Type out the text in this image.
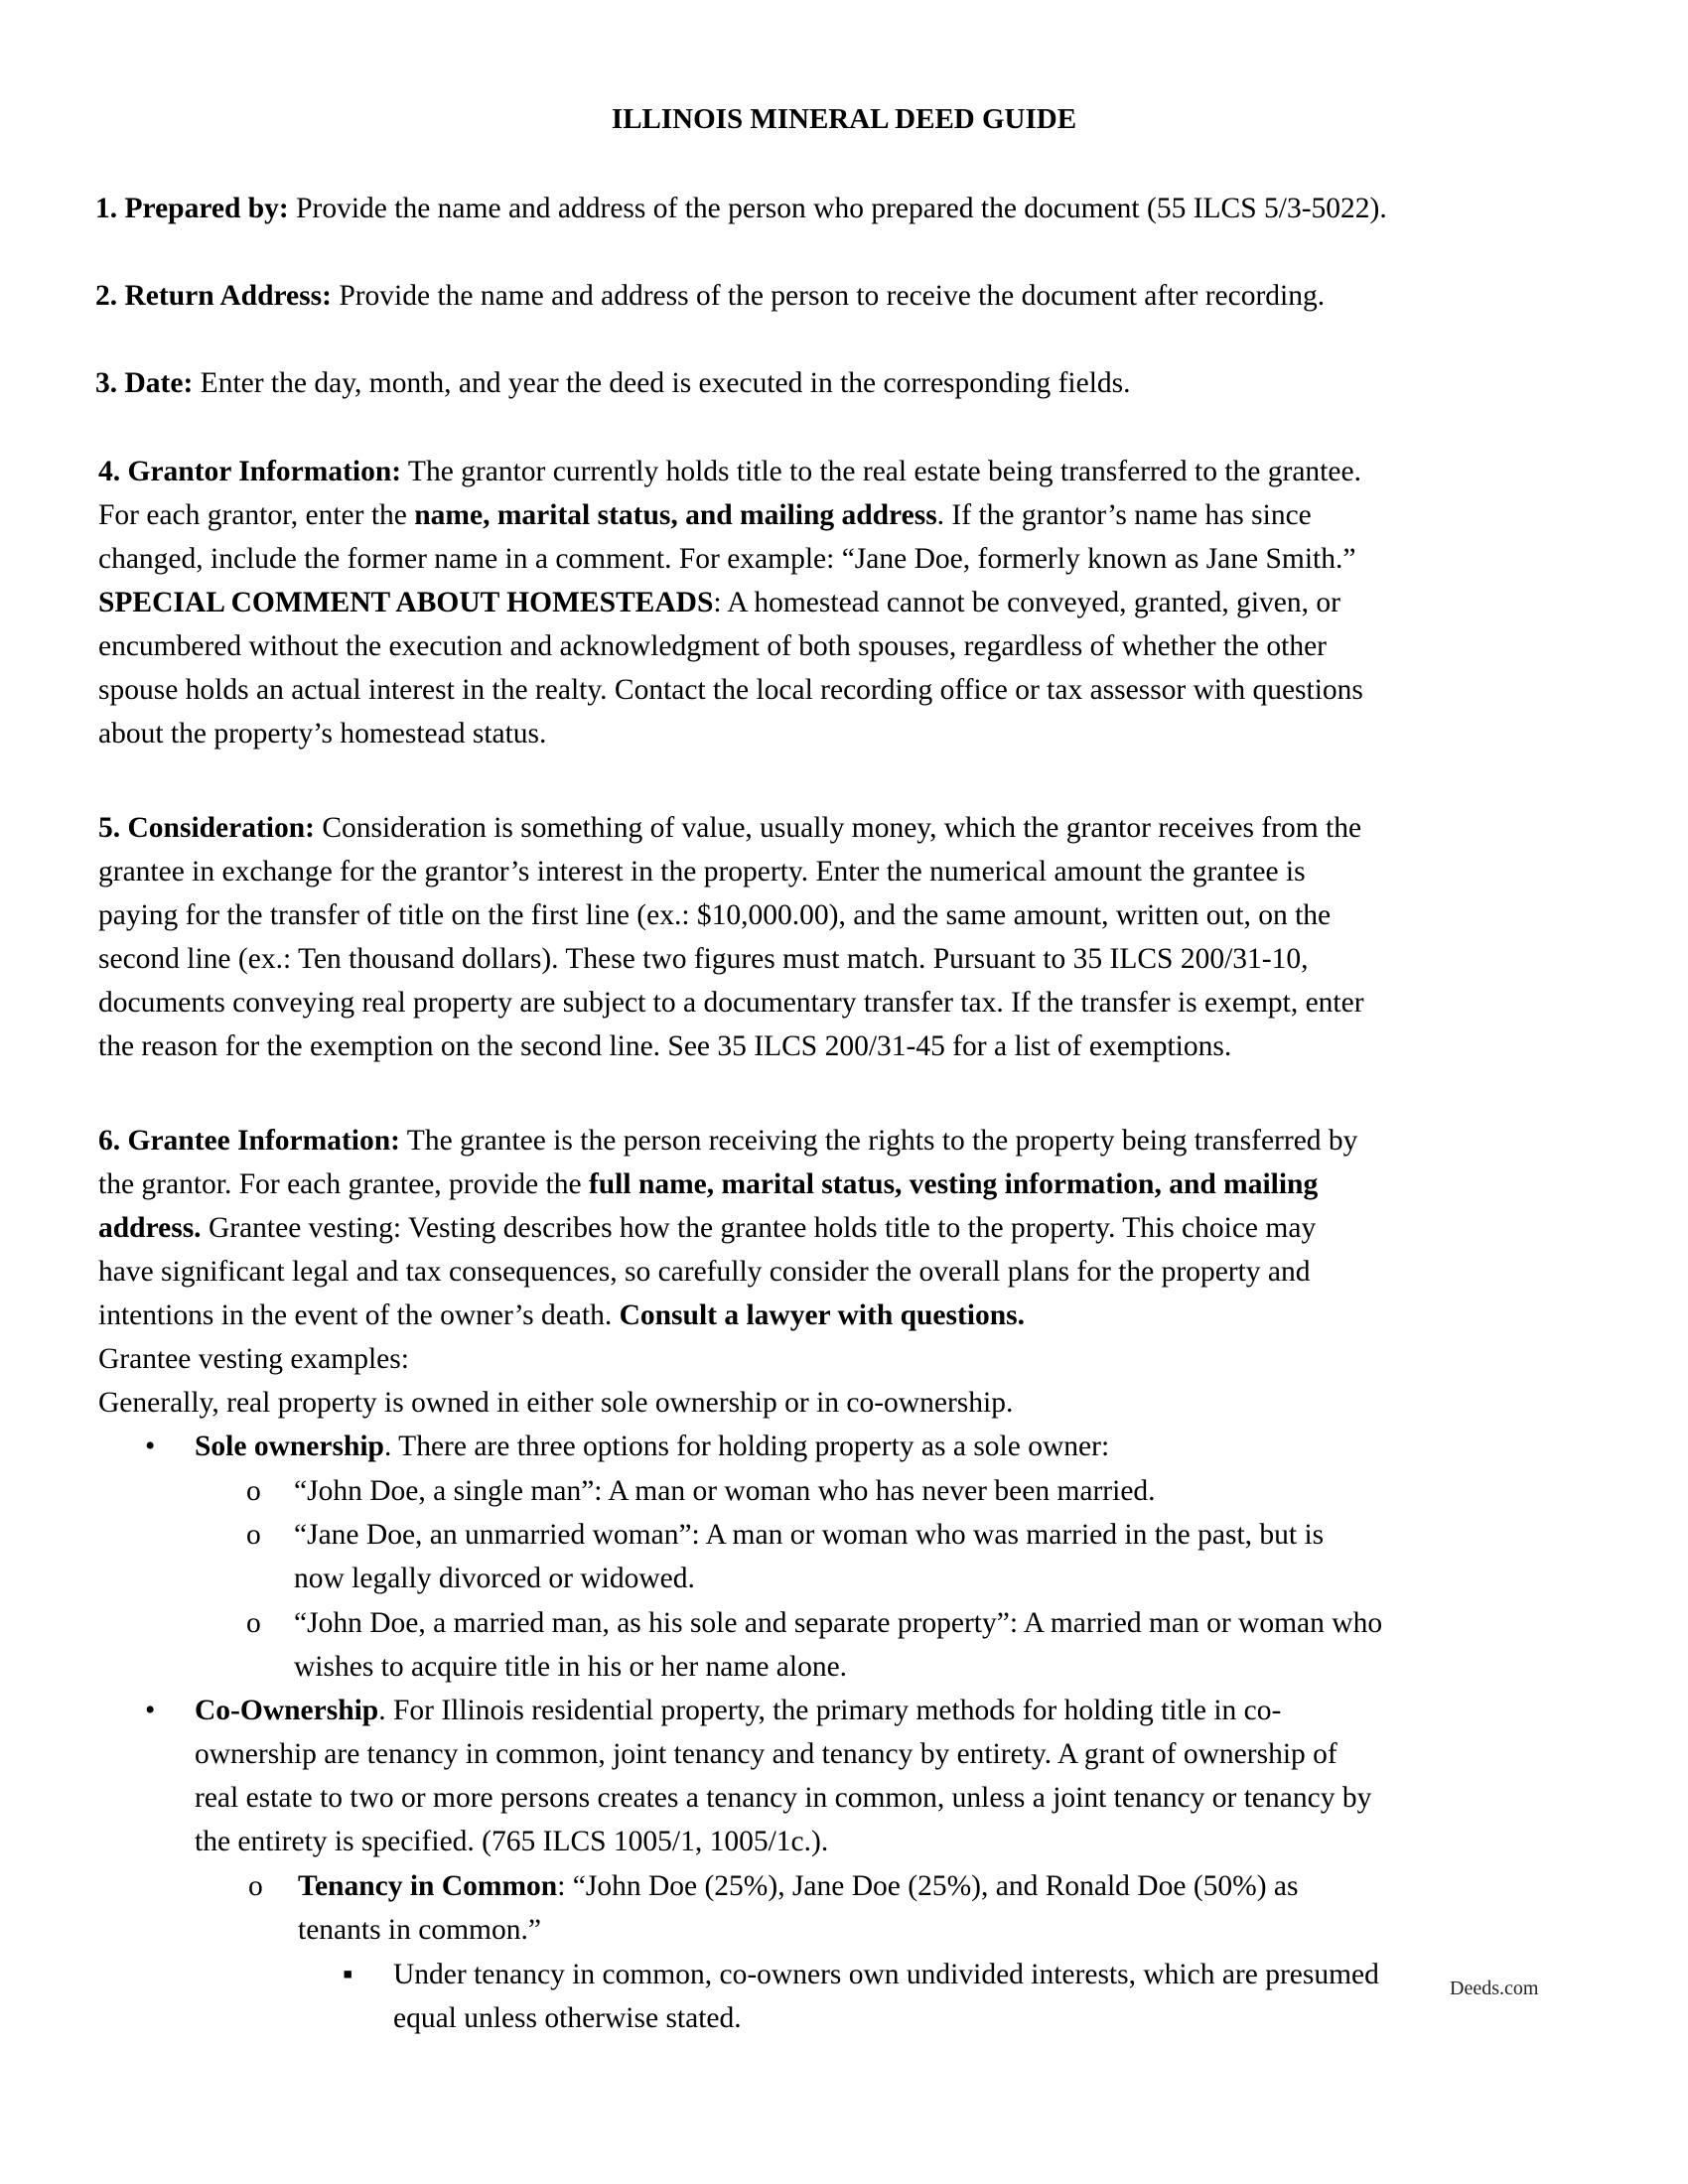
ILLINOIS MINERAL DEED GUIDE
1. Prepared by: Provide the name and address of the person who prepared the document (55 ILCS 5/3-5022).
2. Return Address: Provide the name and address of the person to receive the document after recording.
3. Date: Enter the day, month, and year the deed is executed in the corresponding fields.
4. Grantor Information: The grantor currently holds title to the real estate being transferred to the grantee.
For each grantor, enter the name, marital status, and mailing address. If the grantor’s name has since
changed, include the former name in a comment. For example: “Jane Doe, formerly known as Jane Smith.”
SPECIAL COMMENT ABOUT HOMESTEADS: A homestead cannot be conveyed, granted, given, or
encumbered without the execution and acknowledgment of both spouses, regardless of whether the other
spouse holds an actual interest in the realty. Contact the local recording office or tax assessor with questions
about the property’s homestead status.
5. Consideration: Consideration is something of value, usually money, which the grantor receives from the
grantee in exchange for the grantor’s interest in the property. Enter the numerical amount the grantee is
paying for the transfer of title on the first line (ex.: $10,000.00), and the same amount, written out, on the
second line (ex.: Ten thousand dollars). These two figures must match. Pursuant to 35 ILCS 200/31-10,
documents conveying real property are subject to a documentary transfer tax. If the transfer is exempt, enter
the reason for the exemption on the second line. See 35 ILCS 200/31-45 for a list of exemptions.
6. Grantee Information: The grantee is the person receiving the rights to the property being transferred by
the grantor. For each grantee, provide the full name, marital status, vesting information, and mailing
address. Grantee vesting: Vesting describes how the grantee holds title to the property. This choice may
have significant legal and tax consequences, so carefully consider the overall plans for the property and
intentions in the event of the owner’s death. Consult a lawyer with questions.
Grantee vesting examples:
Generally, real property is owned in either sole ownership or in co-ownership.
• Sole ownership. There are three options for holding property as a sole owner:
o “John Doe, a single man”: A man or woman who has never been married.
o “Jane Doe, an unmarried woman”: A man or woman who was married in the past, but is
now legally divorced or widowed.
o “John Doe, a married man, as his sole and separate property”: A married man or woman who
wishes to acquire title in his or her name alone.
• Co-Ownership. For Illinois residential property, the primary methods for holding title in co-
ownership are tenancy in common, joint tenancy and tenancy by entirety. A grant of ownership of
real estate to two or more persons creates a tenancy in common, unless a joint tenancy or tenancy by
the entirety is specified. (765 ILCS 1005/1, 1005/1c.).
o Tenancy in Common: “John Doe (25%), Jane Doe (25%), and Ronald Doe (50%) as
tenants in common.”
▪ Under tenancy in common, co-owners own undivided interests, which are presumed
equal unless otherwise stated.
Deeds.com
